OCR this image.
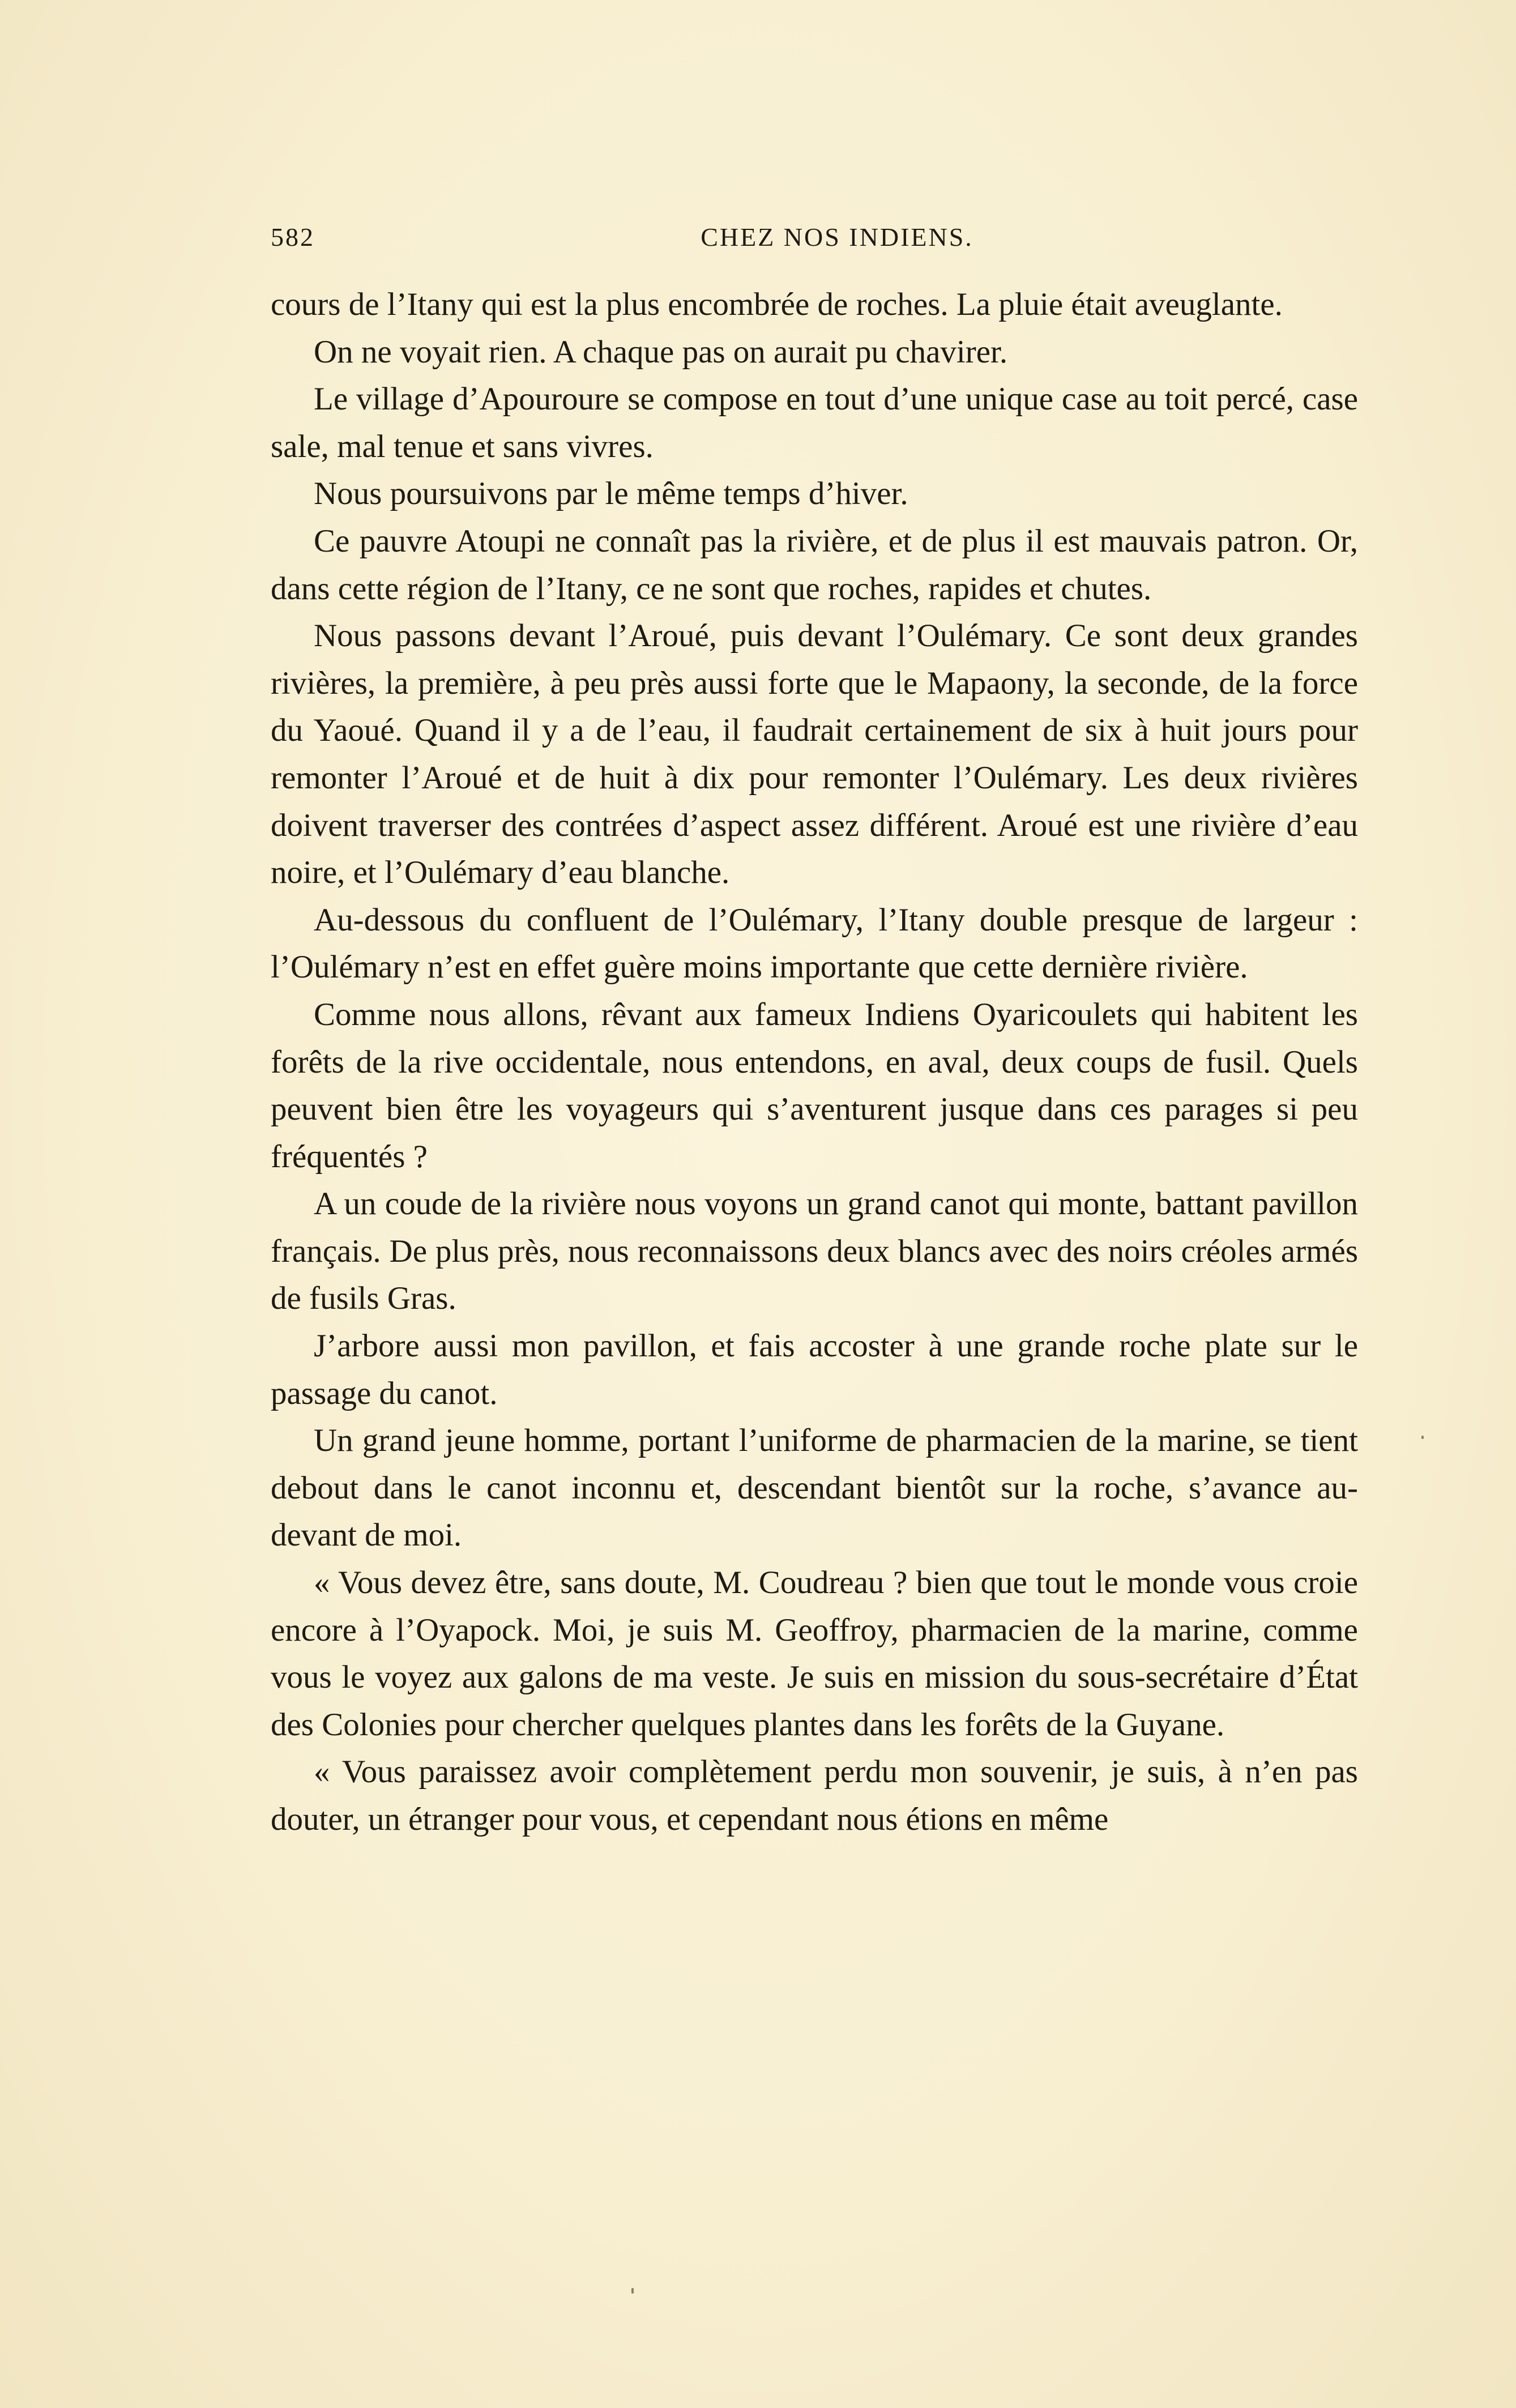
582	CHEZ NOS INDIENS.

cours de l’Itany qui est la plus encombrée de roches. La pluie était aveuglante.

On ne voyait rien. A chaque pas on aurait pu chavirer.

Le village d’Apouroure se compose en tout d’une unique case au toit percé, case sale, mal tenue et sans vivres.

Nous poursuivons par le même temps d’hiver.

Ce pauvre Atoupi ne connaît pas la rivière, et de plus il est mauvais patron. Or, dans cette région de l’Itany, ce ne sont que roches, rapides et chutes.

Nous passons devant l’Aroué, puis devant l’Oulémary. Ce sont deux grandes rivières, la première, à peu près aussi forte que le Mapaony, la seconde, de la force du Yaoué. Quand il y a de l’eau, il faudrait certainement de six à huit jours pour remonter l’Aroué et de huit à dix pour remonter l’Oulémary. Les deux rivières doivent traverser des contrées d’aspect assez différent. Aroué est une rivière d’eau noire, et l’Oulémary d’eau blanche.

Au-dessous du confluent de l’Oulémary, l’Itany double presque de largeur : l’Oulémary n’est en effet guère moins importante que cette dernière rivière.

Comme nous allons, rêvant aux fameux Indiens Oyaricoulets qui habitent les forêts de la rive occidentale, nous entendons, en aval, deux coups de fusil. Quels peuvent bien être les voyageurs qui s’aventurent jusque dans ces parages si peu fréquentés ?

A un coude de la rivière nous voyons un grand canot qui monte, battant pavillon français. De plus près, nous reconnaissons deux blancs avec des noirs créoles armés de fusils Gras.

J’arbore aussi mon pavillon, et fais accoster à une grande roche plate sur le passage du canot.

Un grand jeune homme, portant l’uniforme de pharmacien de la marine, se tient debout dans le canot inconnu et, descendant bientôt sur la roche, s’avance au-devant de moi.

« Vous devez être, sans doute, M. Coudreau ? bien que tout le monde vous croie encore à l’Oyapock. Moi, je suis M. Geoffroy, pharmacien de la marine, comme vous le voyez aux galons de ma veste. Je suis en mission du sous-secrétaire d’État des Colonies pour chercher quelques plantes dans les forêts de la Guyane.

« Vous paraissez avoir complètement perdu mon souvenir, je suis, à n’en pas douter, un étranger pour vous, et cependant nous étions en même
